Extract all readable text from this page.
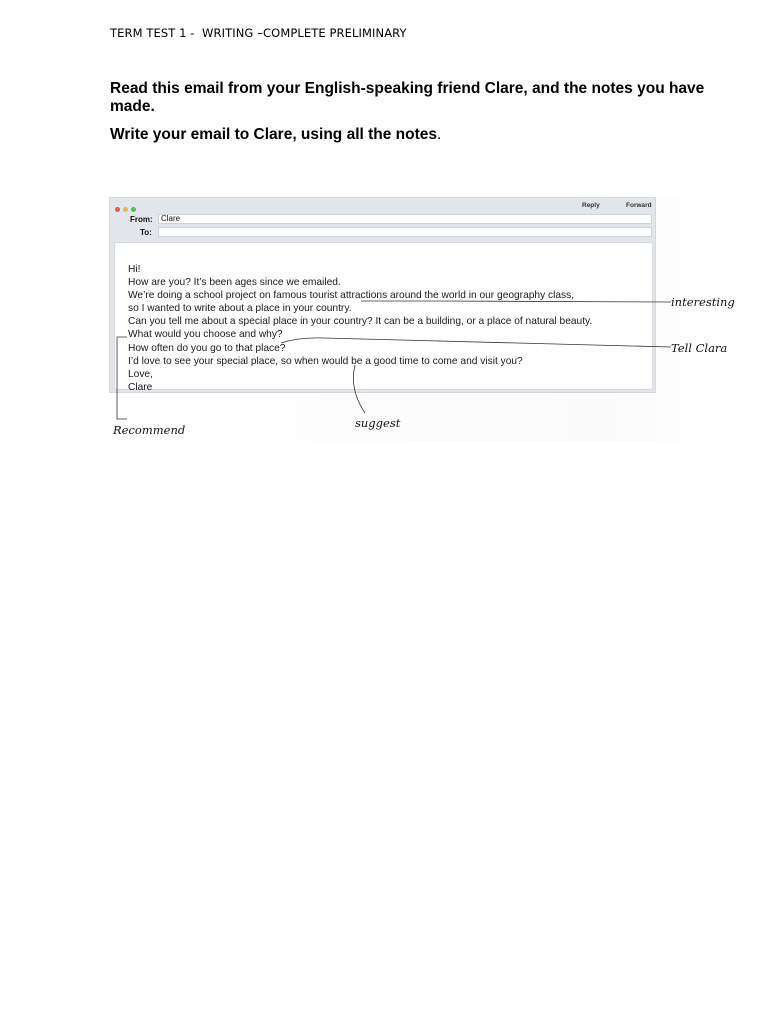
TERM TEST 1 -  WRITING –COMPLETE PRELIMINARY
Read this email from your English-speaking friend Clare, and the notes you have made.
Write your email to Clare, using all the notes.
Reply	Forward
From:	Clare
To:
Hi!
How are you? It’s been ages since we emailed.
We’re doing a school project on famous tourist attractions around the world in our geography class,
so I wanted to write about a place in your country.
Can you tell me about a special place in your country? It can be a building, or a place of natural beauty.
What would you choose and why?
How often do you go to that place?
I’d love to see your special place, so when would be a good time to come and visit you?
Love,
Clare
interesting
Tell Clara
Recommend	suggest
